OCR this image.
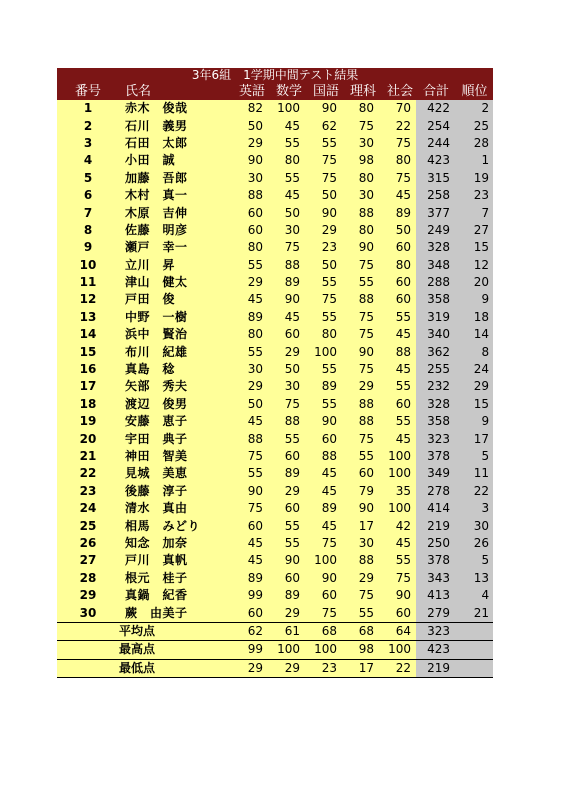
3年6組　1学期中間テスト結果								
番号	氏名	英語	数学	国語	理科	社会	合計	順位
1	赤木　俊哉	82	100	90	80	70	422	2
2	石川　義男	50	45	62	75	22	254	25
3	石田　太郎	29	55	55	30	75	244	28
4	小田　誠	90	80	75	98	80	423	1
5	加藤　吾郎	30	55	75	80	75	315	19
6	木村　真一	88	45	50	30	45	258	23
7	木原　吉伸	60	50	90	88	89	377	7
8	佐藤　明彦	60	30	29	80	50	249	27
9	瀬戸　幸一	80	75	23	90	60	328	15
10	立川　昇	55	88	50	75	80	348	12
11	津山　健太	29	89	55	55	60	288	20
12	戸田　俊	45	90	75	88	60	358	9
13	中野　一樹	89	45	55	75	55	319	18
14	浜中　賢治	80	60	80	75	45	340	14
15	布川　紀雄	55	29	100	90	88	362	8
16	真島　稔	30	50	55	75	45	255	24
17	矢部　秀夫	29	30	89	29	55	232	29
18	渡辺　俊男	50	75	55	88	60	328	15
19	安藤　恵子	45	88	90	88	55	358	9
20	宇田　典子	88	55	60	75	45	323	17
21	神田　智美	75	60	88	55	100	378	5
22	見城　美恵	55	89	45	60	100	349	11
23	後藤　淳子	90	29	45	79	35	278	22
24	清水　真由	75	60	89	90	100	414	3
25	相馬　みどり	60	55	45	17	42	219	30
26	知念　加奈	45	55	75	30	45	250	26
27	戸川　真帆	45	90	100	88	55	378	5
28	根元　桂子	89	60	90	29	75	343	13
29	真鍋　紀香	99	89	60	75	90	413	4
30	蕨　由美子	60	29	75	55	60	279	21
	平均点	62	61	68	68	64	323	
	最高点	99	100	100	98	100	423	
	最低点	29	29	23	17	22	219	
